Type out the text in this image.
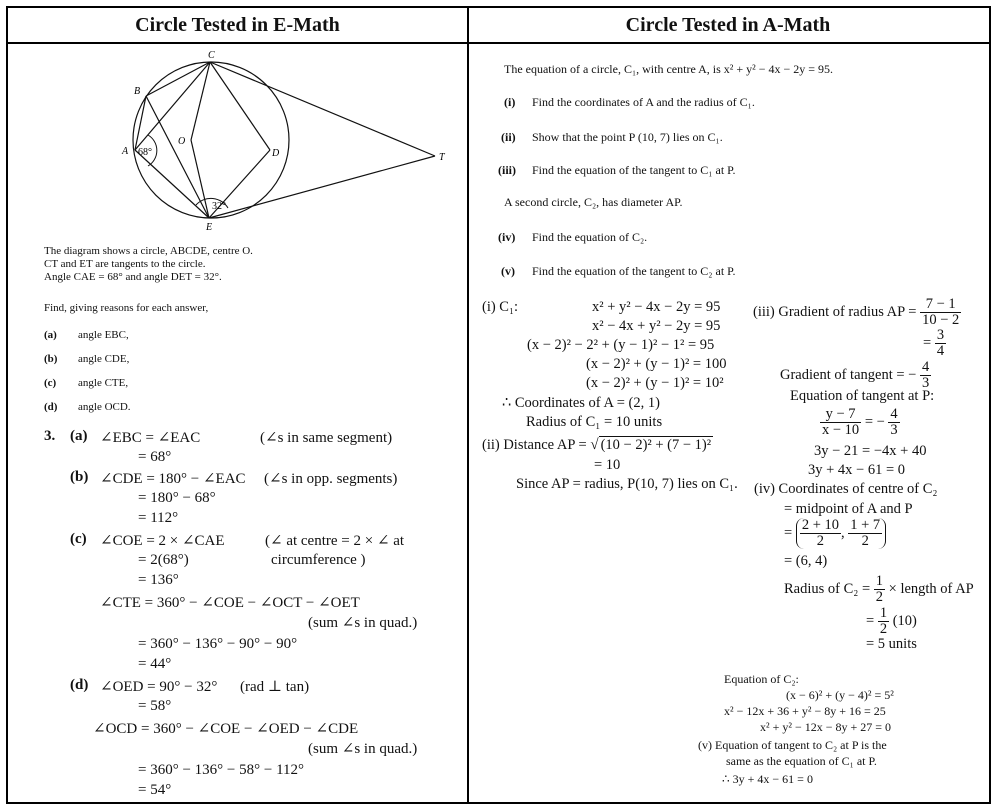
Circle Tested in E-Math	Circle Tested in A-Math
A
B
C
D
E
O
T
68°
32°
The diagram shows a circle, ABCDE, centre O.
CT and ET are tangents to the circle.
Angle CAE = 68° and angle DET = 32°.
Find, giving reasons for each answer,
(a) angle EBC,
(b) angle CDE,
(c) angle CTE,
(d) angle OCD.
3. (a) ∠EBC = ∠EAC	(∠s in same segment)
= 68°
(b) ∠CDE = 180° − ∠EAC (∠s in opp. segments)
= 180° − 68°
= 112°
(c) ∠COE = 2 × ∠CAE	(∠ at centre = 2 × ∠ at
= 2(68°)	circumference )
= 136°
∠CTE = 360° − ∠COE − ∠OCT − ∠OET
(sum ∠s in quad.)
= 360° − 136° − 90° − 90°
= 44°
(d) ∠OED = 90° − 32° (rad ⊥ tan)
= 58°
∠OCD = 360° − ∠COE − ∠OED − ∠CDE
(sum ∠s in quad.)
= 360° − 136° − 58° − 112°
= 54°
The equation of a circle, C₁, with centre A, is x² + y² − 4x − 2y = 95.
(i) Find the coordinates of A and the radius of C₁.
(ii) Show that the point P (10, 7) lies on C₁.
(iii) Find the equation of the tangent to C₁ at P.
A second circle, C₂, has diameter AP.
(iv) Find the equation of C₂.
(v) Find the equation of the tangent to C₂ at P.
(i) C₁:	x² + y² − 4x − 2y = 95
x² − 4x + y² − 2y = 95
(x − 2)² − 2² + (y − 1)² − 1² = 95
(x − 2)² + (y − 1)² = 100
(x − 2)² + (y − 1)² = 10²
∴ Coordinates of A = (2, 1)
Radius of C₁ = 10 units
(ii) Distance AP = √ (10 − 2)² + (7 − 1)²
= 10
Since AP = radius, P(10, 7) lies on C₁.
(iii) Gradient of radius AP = $\frac{7 - 1}{10 - 2}$
= $\frac{3}{4}$
Gradient of tangent = − $\frac{4}{3}$
Equation of tangent at P:
$\frac{y - 7}{x - 10}$ = − $\frac{4}{3}$
3y − 21 = −4x + 40
3y + 4x − 61 = 0
(iv) Coordinates of centre of C₂
= midpoint of A and P
= $\frac{2 + 10}{2}$ , $\frac{1 + 7}{2}$
= (6, 4)
Radius of $C_2 = \frac{1}{2}$ × length of AP
= $\frac{1}{2} (10)$
= 5 units
Equation of C₂:
(x − 6)² + (y − 4)² = 5²
x² − 12x + 36 + y² − 8y + 16 = 25
x² + y² − 12x − 8y + 27 = 0
(v) Equation of tangent to C₂ at P is the
same as the equation of C₁ at P.
∴ 3y + 4x − 61 = 0
